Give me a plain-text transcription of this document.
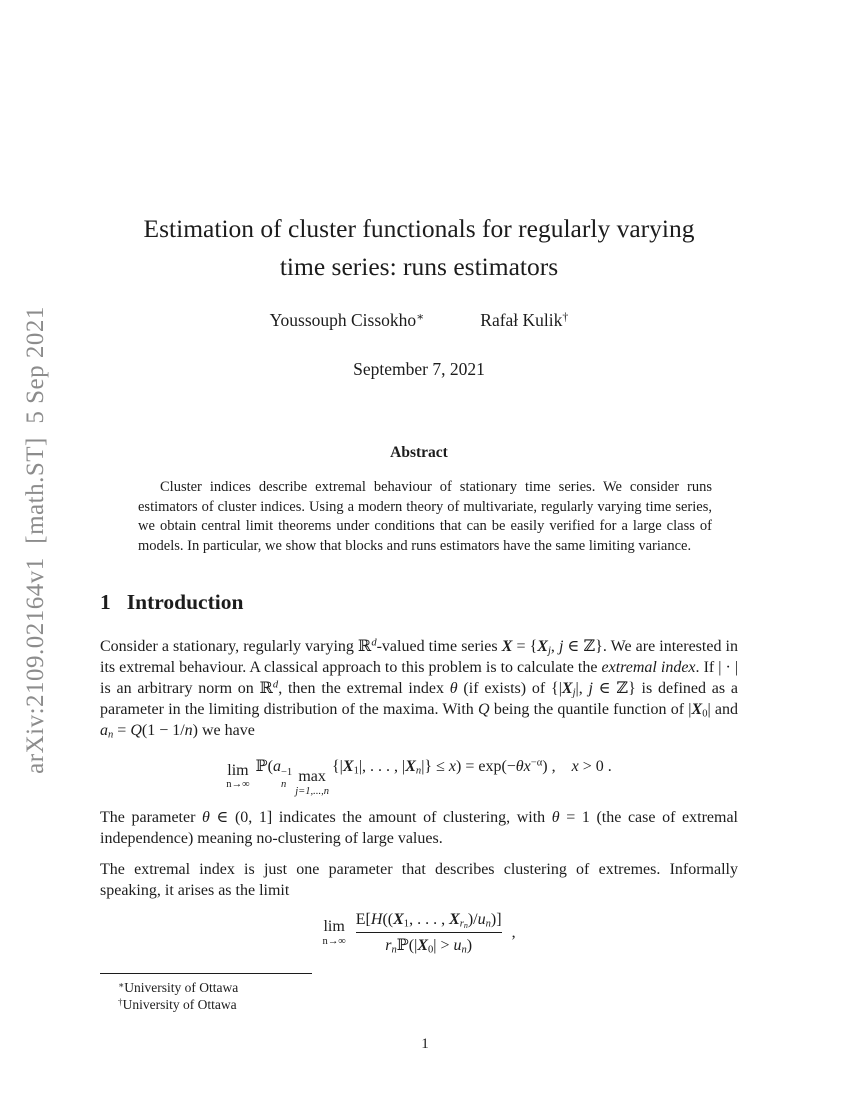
arXiv:2109.02164v1  [math.ST]  5 Sep 2021
Estimation of cluster functionals for regularly varying
time series: runs estimators
Youssouph Cissokho∗	Rafał Kulik†
September 7, 2021
Abstract

Cluster indices describe extremal behaviour of stationary time series. We consider runs estimators of cluster indices. Using a modern theory of multivariate, regularly varying time series, we obtain central limit theorems under conditions that can be easily verified for a large class of models. In particular, we show that blocks and runs estimators have the same limiting variance.

1 Introduction

Consider a stationary, regularly varying ℝ$^d$-valued time series X = {Xj, j ∈ ℤ}. We are interested in its extremal behaviour. A classical approach to this problem is to calculate the extremal index. If | · | is an arbitrary norm on ℝ$^d$, then the extremal index θ (if exists) of {|Xj|, j ∈ ℤ} is defined as a parameter in the limiting distribution of the maxima. With Q being the quantile function of |X0| and an = Q(1 − 1/n) we have

lim
n→∞
ℙ(a −1
n max
j=1,...,n
{|X1|, . . . , $|Xn|\} \le x) = \exp(-\theta x^{-\alpha})$ , x > 0 .

The parameter θ ∈ (0, 1] indicates the amount of clustering, with θ = 1 (the case of extremal independence) meaning no-clustering of large values.

The extremal index is just one parameter that describes clustering of extremes. Informally speaking, it arises as the limit

lim
$n\to\infty \frac{E[H((X1, . . . , Xr_n)/un)]}{\text{rnℙ(|X0| > un)}}$ ,
∗University of Ottawa
†University of Ottawa
1
